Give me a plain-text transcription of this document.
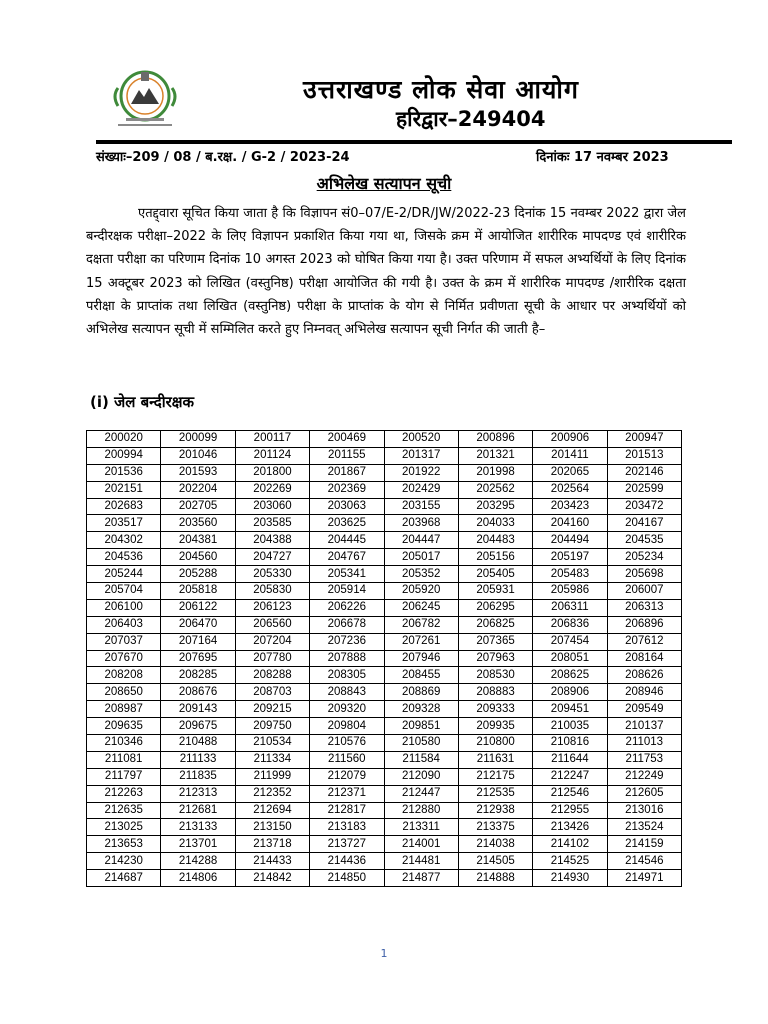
उत्तराखण्ड लोक सेवा आयोग
हरिद्वार–249404
संख्याः–209 / 08 / ब.रक्ष. / G-2 / 2023-24	दिनांकः 17 नवम्बर 2023
अभिलेख सत्यापन सूची

एतद्द्वारा सूचित किया जाता है कि विज्ञापन सं0–07/E-2/DR/JW/2022-23 दिनांक 15 नवम्बर 2022 द्वारा जेल बन्दीरक्षक परीक्षा–2022 के लिए विज्ञापन प्रकाशित किया गया था, जिसके क्रम में आयोजित शारीरिक मापदण्ड एवं शारीरिक दक्षता परीक्षा का परिणाम दिनांक 10 अगस्त 2023 को घोषित किया गया है। उक्त परिणाम में सफल अभ्यर्थियों के लिए दिनांक 15 अक्टूबर 2023 को लिखित (वस्तुनिष्ठ) परीक्षा आयोजित की गयी है। उक्त के क्रम में शारीरिक मापदण्ड /शारीरिक दक्षता परीक्षा के प्राप्तांक तथा लिखित (वस्तुनिष्ठ) परीक्षा के प्राप्तांक के योग से निर्मित प्रवीणता सूची के आधार पर अभ्यर्थियों को अभिलेख सत्यापन सूची में सम्मिलित करते हुए निम्नवत् अभिलेख सत्यापन सूची निर्गत की जाती है–

(i) जेल बन्दीरक्षक
200020	200099	200117	200469	200520	200896	200906	200947
200994	201046	201124	201155	201317	201321	201411	201513
201536	201593	201800	201867	201922	201998	202065	202146
202151	202204	202269	202369	202429	202562	202564	202599
202683	202705	203060	203063	203155	203295	203423	203472
203517	203560	203585	203625	203968	204033	204160	204167
204302	204381	204388	204445	204447	204483	204494	204535
204536	204560	204727	204767	205017	205156	205197	205234
205244	205288	205330	205341	205352	205405	205483	205698
205704	205818	205830	205914	205920	205931	205986	206007
206100	206122	206123	206226	206245	206295	206311	206313
206403	206470	206560	206678	206782	206825	206836	206896
207037	207164	207204	207236	207261	207365	207454	207612
207670	207695	207780	207888	207946	207963	208051	208164
208208	208285	208288	208305	208455	208530	208625	208626
208650	208676	208703	208843	208869	208883	208906	208946
208987	209143	209215	209320	209328	209333	209451	209549
209635	209675	209750	209804	209851	209935	210035	210137
210346	210488	210534	210576	210580	210800	210816	211013
211081	211133	211334	211560	211584	211631	211644	211753
211797	211835	211999	212079	212090	212175	212247	212249
212263	212313	212352	212371	212447	212535	212546	212605
212635	212681	212694	212817	212880	212938	212955	213016
213025	213133	213150	213183	213311	213375	213426	213524
213653	213701	213718	213727	214001	214038	214102	214159
214230	214288	214433	214436	214481	214505	214525	214546
214687	214806	214842	214850	214877	214888	214930	214971
1
